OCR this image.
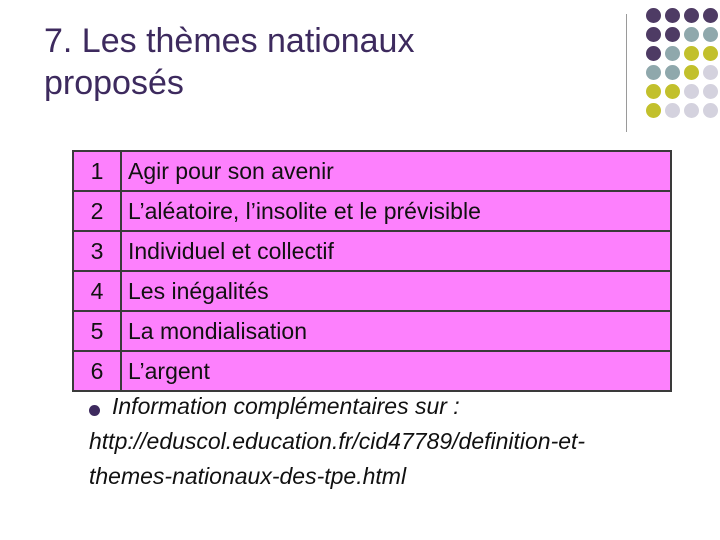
7. Les thèmes nationaux
proposés
1	Agir pour son avenir
2	L’aléatoire, l’insolite et le prévisible
3	Individuel et collectif
4	Les inégalités
5	La mondialisation
6	L’argent
Information complémentaires sur :
http://eduscol.education.fr/cid47789/definition-et-
themes-nationaux-des-tpe.html
